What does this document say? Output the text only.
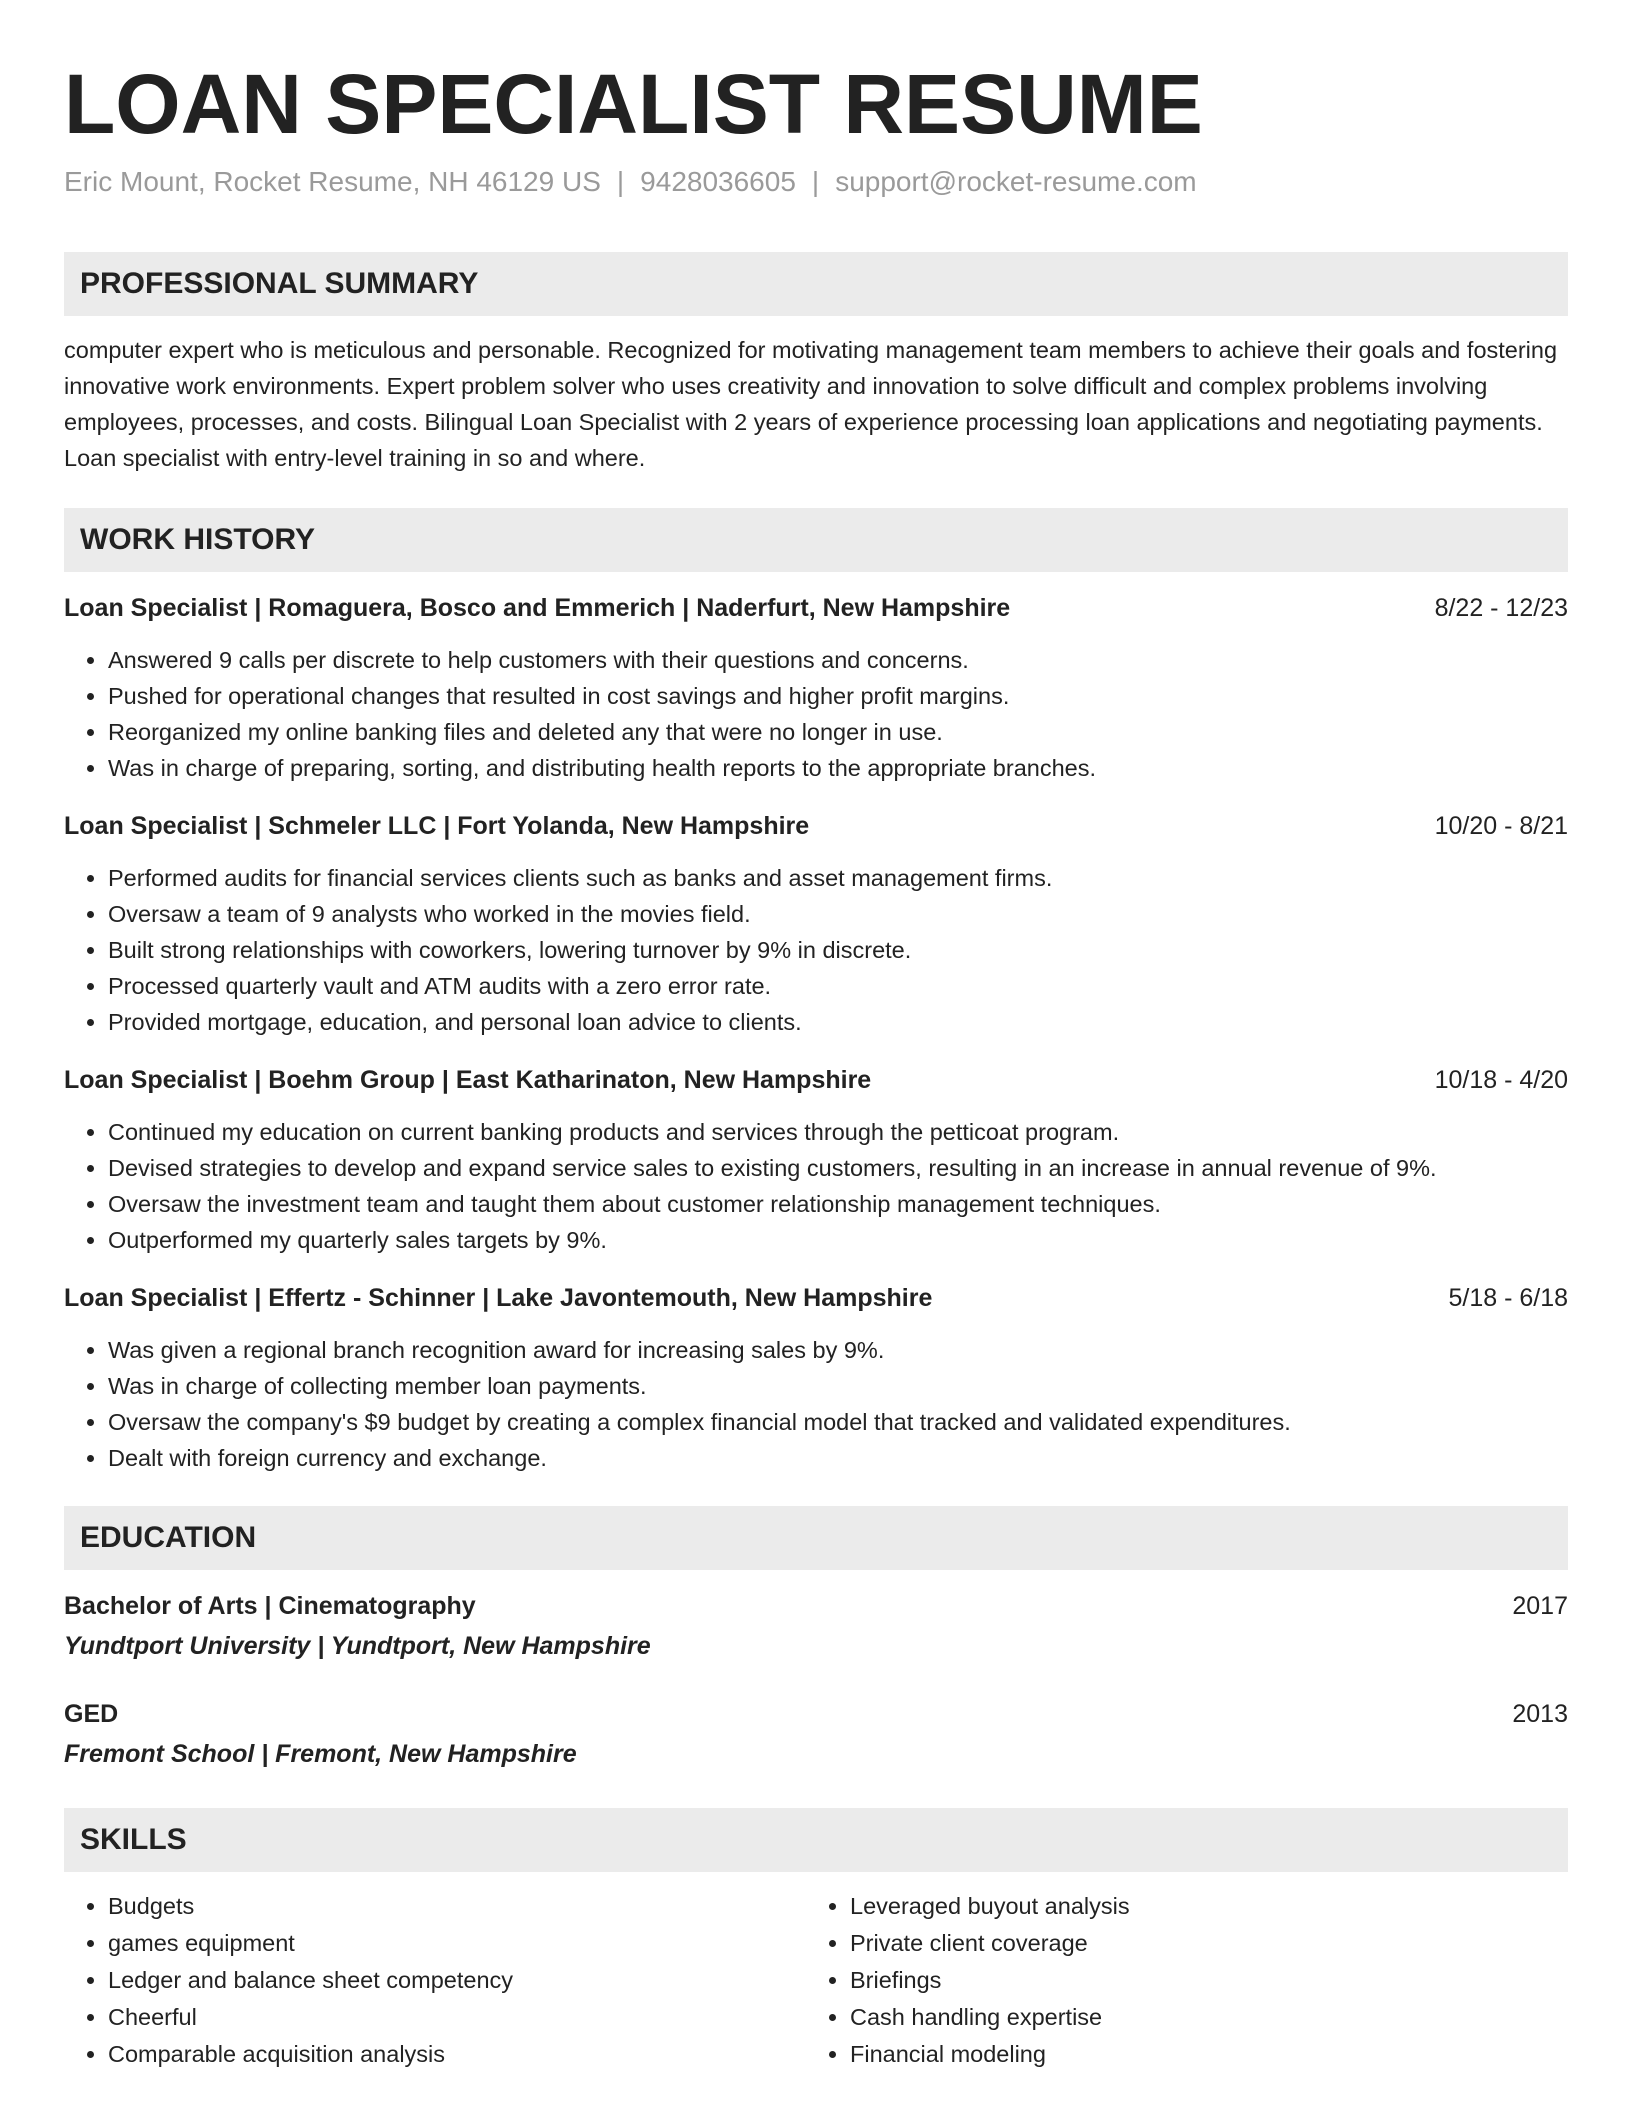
LOAN SPECIALIST RESUME
Eric Mount, Rocket Resume, NH 46129 US | 9428036605 | support@rocket-resume.com
PROFESSIONAL SUMMARY
computer expert who is meticulous and personable. Recognized for motivating management team members to achieve their goals and fostering innovative work environments. Expert problem solver who uses creativity and innovation to solve difficult and complex problems involving employees, processes, and costs. Bilingual Loan Specialist with 2 years of experience processing loan applications and negotiating payments. Loan specialist with entry-level training in so and where.
WORK HISTORY
Loan Specialist | Romaguera, Bosco and Emmerich | Naderfurt, New Hampshire	8/22 - 12/23
• Answered 9 calls per discrete to help customers with their questions and concerns.
• Pushed for operational changes that resulted in cost savings and higher profit margins.
• Reorganized my online banking files and deleted any that were no longer in use.
• Was in charge of preparing, sorting, and distributing health reports to the appropriate branches.
Loan Specialist | Schmeler LLC | Fort Yolanda, New Hampshire	10/20 - 8/21
• Performed audits for financial services clients such as banks and asset management firms.
• Oversaw a team of 9 analysts who worked in the movies field.
• Built strong relationships with coworkers, lowering turnover by 9% in discrete.
• Processed quarterly vault and ATM audits with a zero error rate.
• Provided mortgage, education, and personal loan advice to clients.
Loan Specialist | Boehm Group | East Katharinaton, New Hampshire	10/18 - 4/20
• Continued my education on current banking products and services through the petticoat program.
• Devised strategies to develop and expand service sales to existing customers, resulting in an increase in annual revenue of 9%.
• Oversaw the investment team and taught them about customer relationship management techniques.
• Outperformed my quarterly sales targets by 9%.
Loan Specialist | Effertz - Schinner | Lake Javontemouth, New Hampshire	5/18 - 6/18
• Was given a regional branch recognition award for increasing sales by 9%.
• Was in charge of collecting member loan payments.
• Oversaw the company's $9 budget by creating a complex financial model that tracked and validated expenditures.
• Dealt with foreign currency and exchange.
EDUCATION
Bachelor of Arts | Cinematography	2017
Yundtport University | Yundtport, New Hampshire
GED	2013
Fremont School | Fremont, New Hampshire
SKILLS
• Budgets
• games equipment
• Ledger and balance sheet competency
• Cheerful
• Comparable acquisition analysis
• Leveraged buyout analysis
• Private client coverage
• Briefings
• Cash handling expertise
• Financial modeling
